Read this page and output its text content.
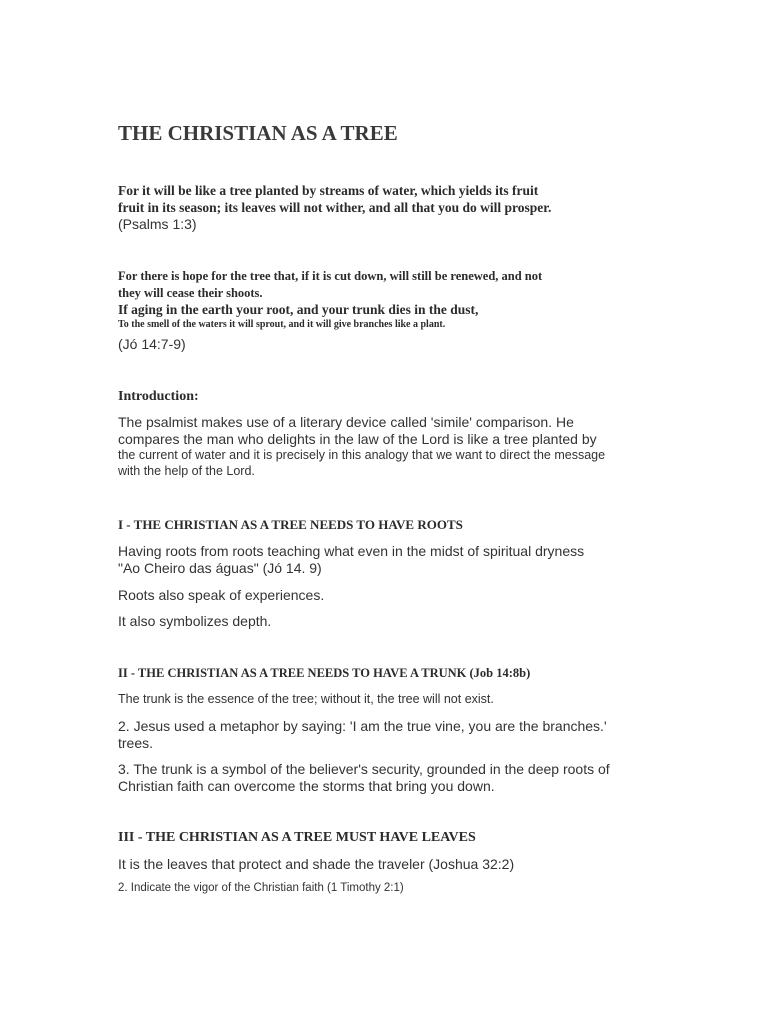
THE CHRISTIAN AS A TREE
For it will be like a tree planted by streams of water, which yields its fruit
fruit in its season; its leaves will not wither, and all that you do will prosper.
(Psalms 1:3)
For there is hope for the tree that, if it is cut down, will still be renewed, and not
they will cease their shoots.
If aging in the earth your root, and your trunk dies in the dust,
To the smell of the waters it will sprout, and it will give branches like a plant.
(Jó 14:7-9)
Introduction:
The psalmist makes use of a literary device called 'simile' comparison. He
compares the man who delights in the law of the Lord is like a tree planted by
the current of water and it is precisely in this analogy that we want to direct the message
with the help of the Lord.
I - THE CHRISTIAN AS A TREE NEEDS TO HAVE ROOTS
Having roots from roots teaching what even in the midst of spiritual dryness
"Ao Cheiro das águas" (Jó 14. 9)
Roots also speak of experiences.
It also symbolizes depth.
II - THE CHRISTIAN AS A TREE NEEDS TO HAVE A TRUNK (Job 14:8b)
The trunk is the essence of the tree; without it, the tree will not exist.
2. Jesus used a metaphor by saying: 'I am the true vine, you are the branches.'
trees.
3. The trunk is a symbol of the believer's security, grounded in the deep roots of
Christian faith can overcome the storms that bring you down.
III - THE CHRISTIAN AS A TREE MUST HAVE LEAVES
It is the leaves that protect and shade the traveler (Joshua 32:2)
2. Indicate the vigor of the Christian faith (1 Timothy 2:1)
